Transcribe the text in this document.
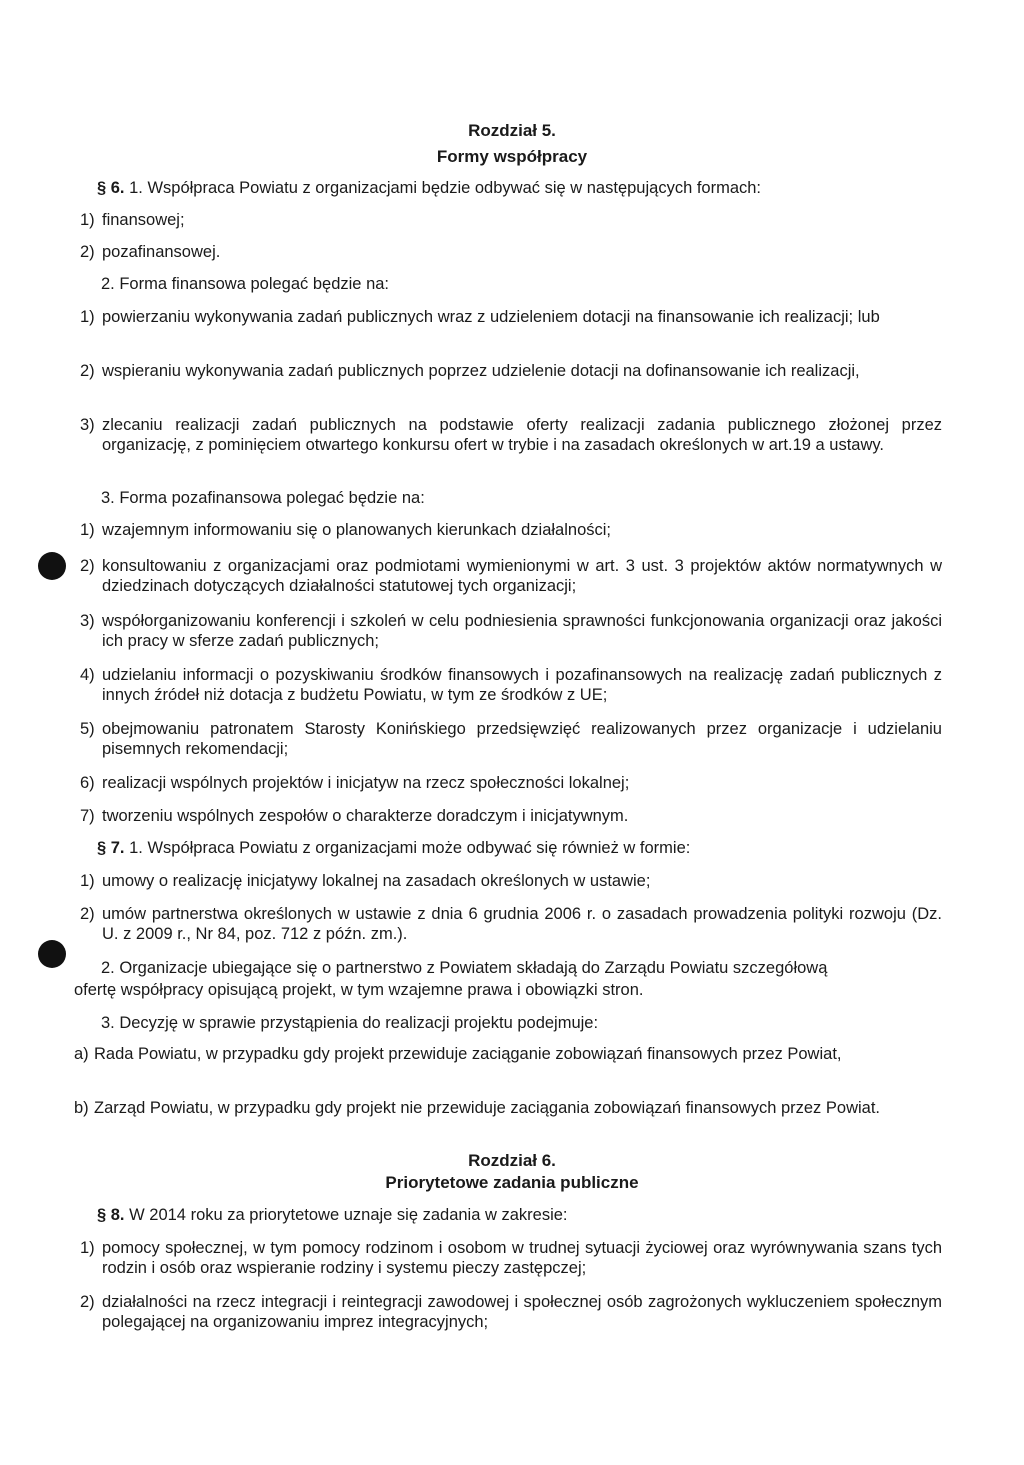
Rozdział 5.
Formy współpracy
§ 6. 1. Współpraca Powiatu z organizacjami będzie odbywać się w następujących formach:
1) finansowej;
2) pozafinansowej.
2. Forma finansowa polegać będzie na:
1) powierzaniu wykonywania zadań publicznych wraz z udzieleniem dotacji na finansowanie ich realizacji; lub
2) wspieraniu wykonywania zadań publicznych poprzez udzielenie dotacji na dofinansowanie ich realizacji,
3) zlecaniu realizacji zadań publicznych na podstawie oferty realizacji zadania publicznego złożonej przez organizację, z pominięciem otwartego konkursu ofert w trybie i na zasadach określonych w art.19 a ustawy.
3. Forma pozafinansowa polegać będzie na:
1) wzajemnym informowaniu się o planowanych kierunkach działalności;
2) konsultowaniu z organizacjami oraz podmiotami wymienionymi w art. 3 ust. 3 projektów aktów normatywnych w dziedzinach dotyczących działalności statutowej tych organizacji;
3) współorganizowaniu konferencji i szkoleń w celu podniesienia sprawności funkcjonowania organizacji oraz jakości ich pracy w sferze zadań publicznych;
4) udzielaniu informacji o pozyskiwaniu środków finansowych i pozafinansowych na realizację zadań publicznych z innych źródeł niż dotacja z budżetu Powiatu, w tym ze środków z UE;
5) obejmowaniu patronatem Starosty Konińskiego przedsięwzięć realizowanych przez organizacje i udzielaniu pisemnych rekomendacji;
6) realizacji wspólnych projektów i inicjatyw na rzecz społeczności lokalnej;
7) tworzeniu wspólnych zespołów o charakterze doradczym i inicjatywnym.
§ 7. 1. Współpraca Powiatu z organizacjami może odbywać się również w formie:
1) umowy o realizację inicjatywy lokalnej na zasadach określonych w ustawie;
2) umów partnerstwa określonych w ustawie z dnia 6 grudnia 2006 r. o zasadach prowadzenia polityki rozwoju (Dz. U. z 2009 r., Nr 84, poz. 712 z późn. zm.).
2. Organizacje ubiegające się o partnerstwo z Powiatem składają do Zarządu Powiatu szczegółową
ofertę współpracy opisującą projekt, w tym wzajemne prawa i obowiązki stron.
3. Decyzję w sprawie przystąpienia do realizacji projektu podejmuje:
a) Rada Powiatu, w przypadku gdy projekt przewiduje zaciąganie zobowiązań finansowych przez Powiat,
b) Zarząd Powiatu, w przypadku gdy projekt nie przewiduje zaciągania zobowiązań finansowych przez Powiat.
Rozdział 6.
Priorytetowe zadania publiczne
§ 8. W 2014 roku za priorytetowe uznaje się zadania w zakresie:
1) pomocy społecznej, w tym pomocy rodzinom i osobom w trudnej sytuacji życiowej oraz wyrównywania szans tych rodzin i osób oraz wspieranie rodziny i systemu pieczy zastępczej;
2) działalności na rzecz integracji i reintegracji zawodowej i społecznej osób zagrożonych wykluczeniem społecznym polegającej na organizowaniu imprez integracyjnych;
